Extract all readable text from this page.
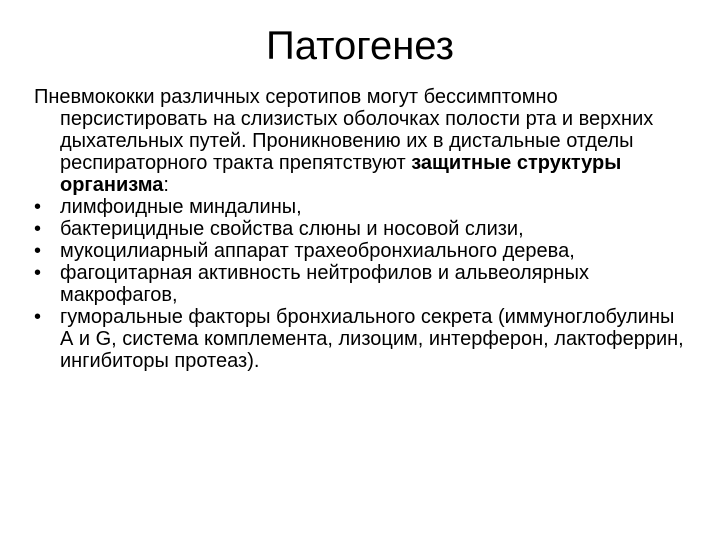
Патогенез

Пневмококки различных серотипов могут бессимптомно персистировать на слизистых оболочках полости рта и верхних дыхательных путей. Проникновению их в дистальные отделы респираторного тракта препятствуют защитные структуры организма:

• лимфоидные миндалины,
• бактерицидные свойства слюны и носовой слизи,
• мукоцилиарный аппарат трахеобронхиального дерева,
• фагоцитарная активность нейтрофилов и альвеолярных макрофагов,
• гуморальные факторы бронхиального секрета (иммуноглобулины А и G, система комплемента, лизоцим, интерферон, лактоферрин, ингибиторы протеаз).
